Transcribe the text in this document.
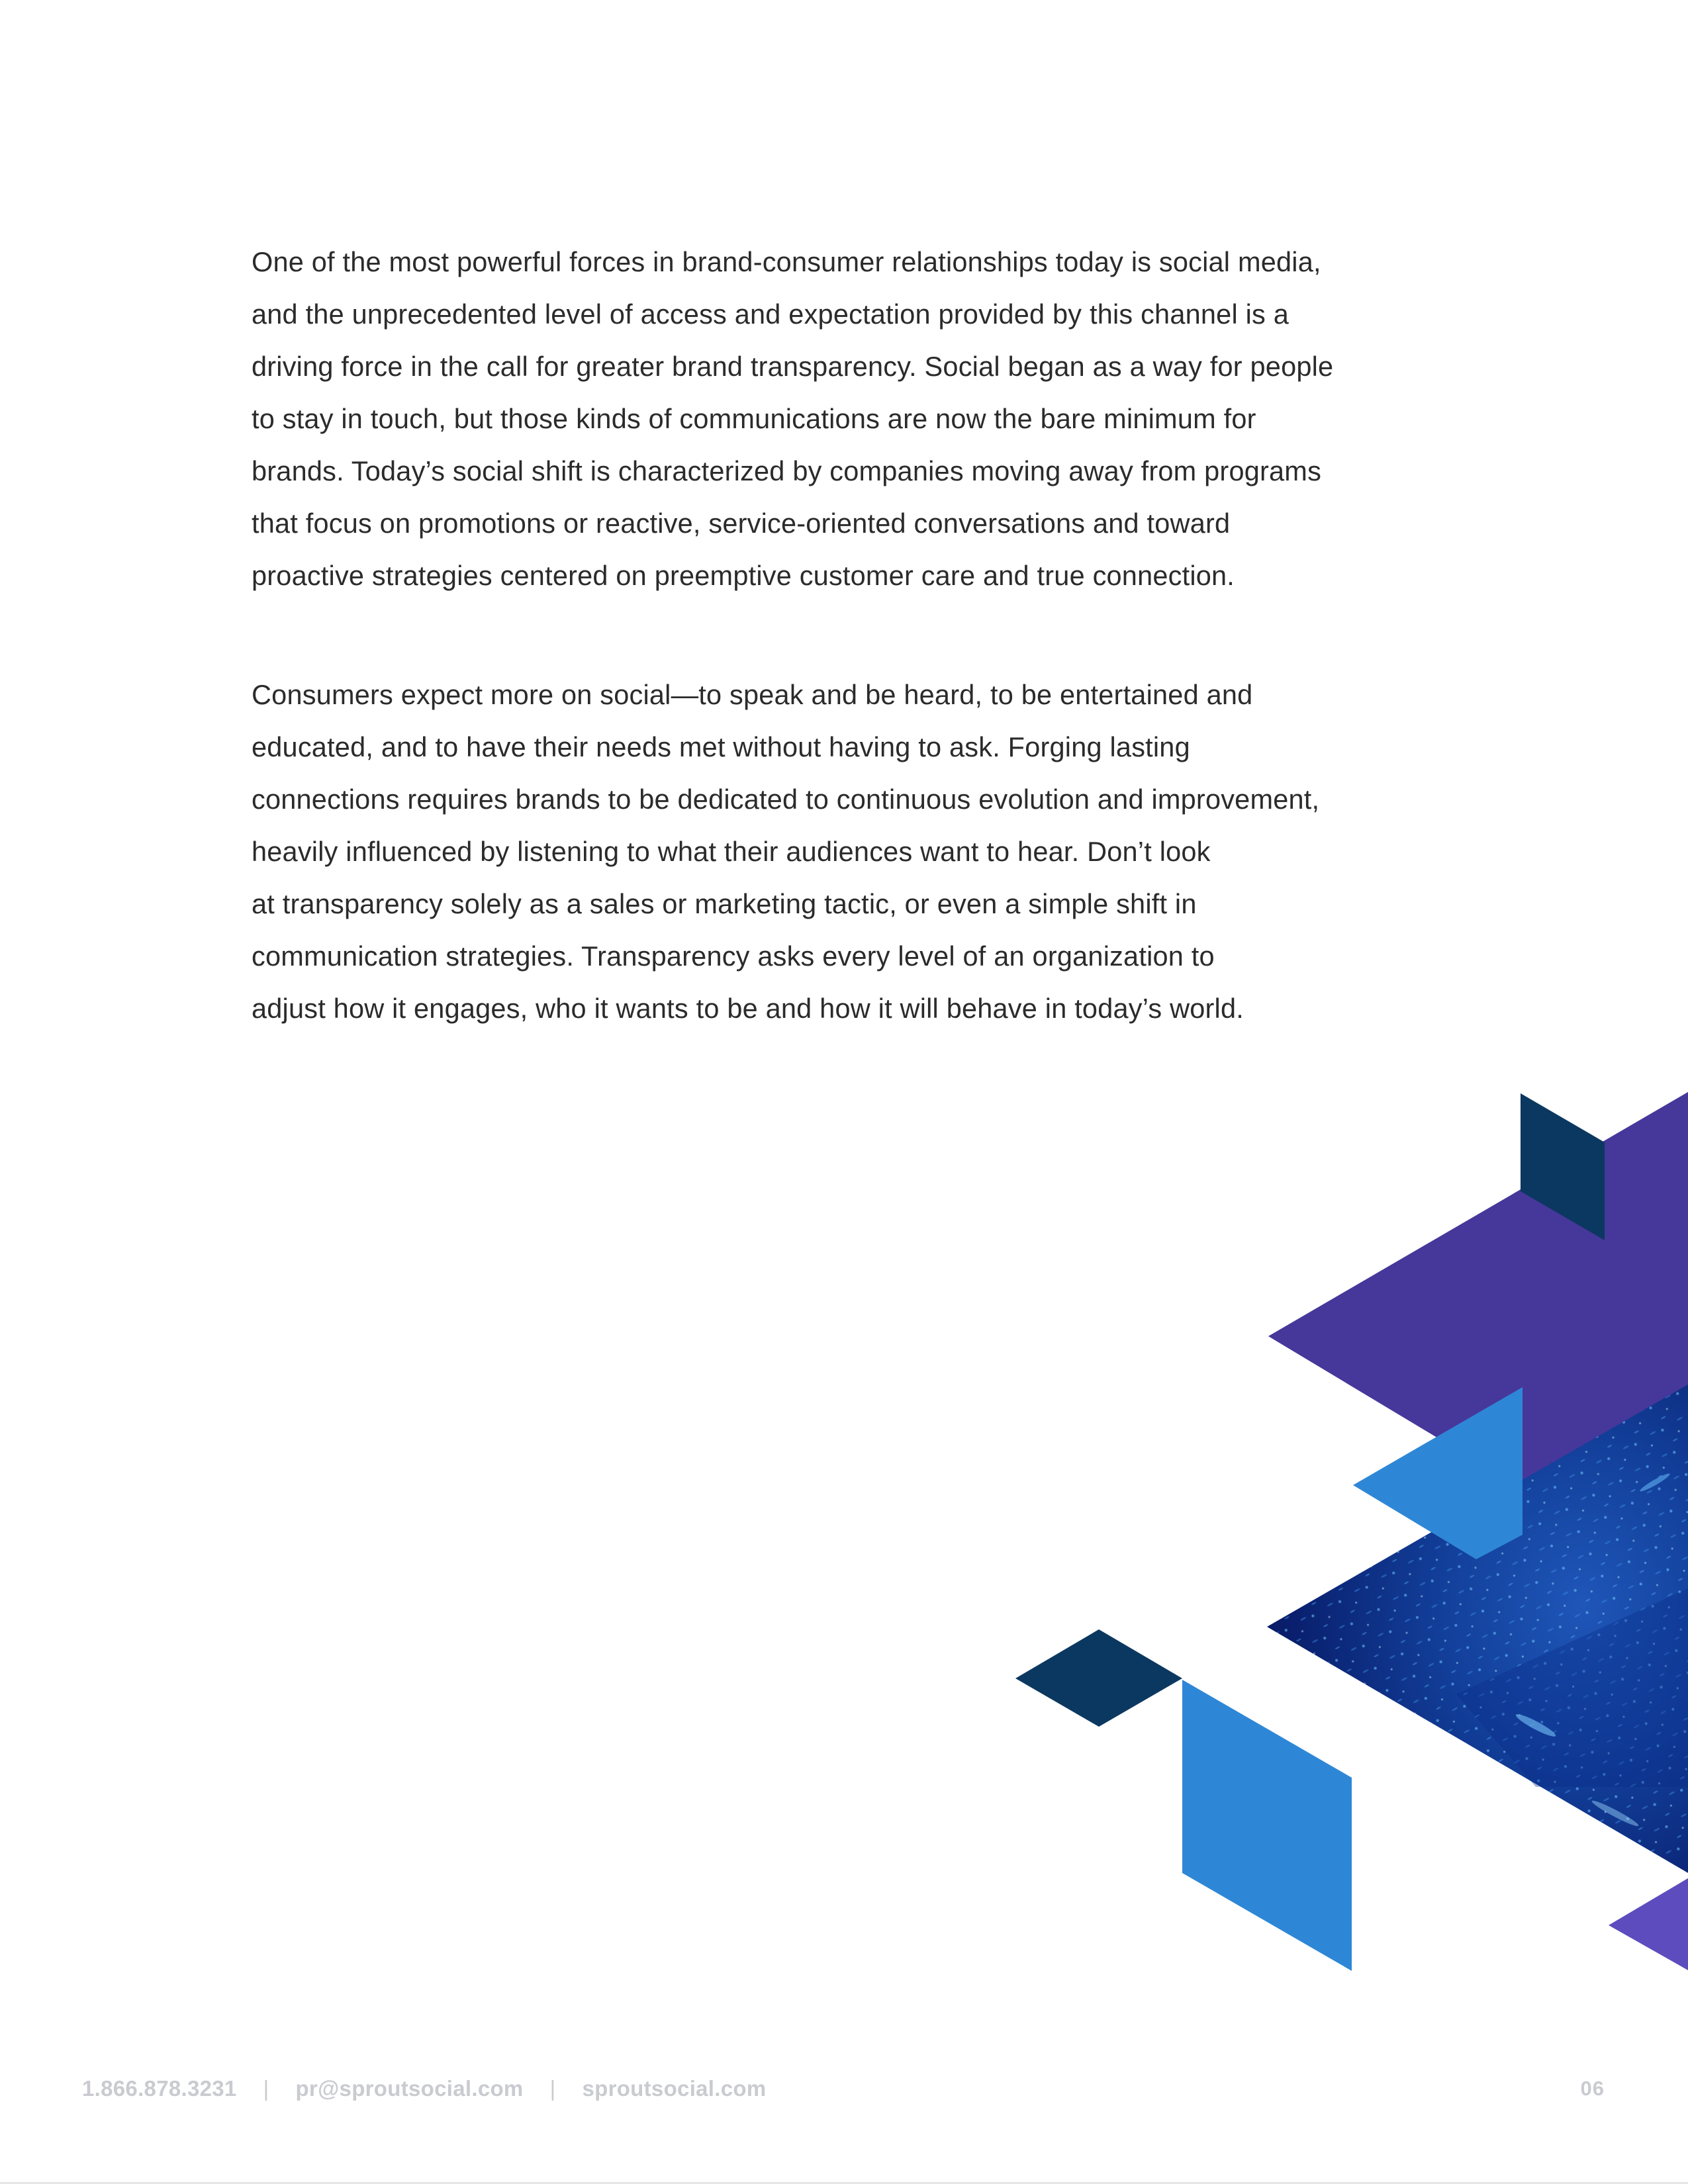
One of the most powerful forces in brand-consumer relationships today is social media,
and the unprecedented level of access and expectation provided by this channel is a
driving force in the call for greater brand transparency. Social began as a way for people
to stay in touch, but those kinds of communications are now the bare minimum for
brands. Today’s social shift is characterized by companies moving away from programs
that focus on promotions or reactive, service-oriented conversations and toward
proactive strategies centered on preemptive customer care and true connection.
Consumers expect more on social—to speak and be heard, to be entertained and
educated, and to have their needs met without having to ask. Forging lasting
connections requires brands to be dedicated to continuous evolution and improvement,
heavily influenced by listening to what their audiences want to hear. Don’t look
at transparency solely as a sales or marketing tactic, or even a simple shift in
communication strategies. Transparency asks every level of an organization to
adjust how it engages, who it wants to be and how it will behave in today’s world.
1.866.878.3231 | pr@sproutsocial.com | sproutsocial.com	06
